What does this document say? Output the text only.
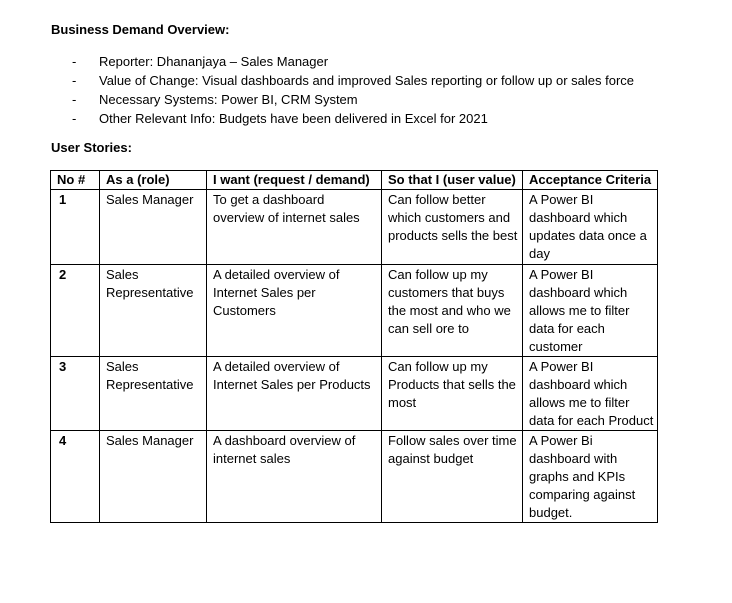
Business Demand Overview:
- Reporter: Dhananjaya – Sales Manager
- Value of Change: Visual dashboards and improved Sales reporting or follow up or sales force
- Necessary Systems: Power BI, CRM System
- Other Relevant Info: Budgets have been delivered in Excel for 2021
User Stories:
No #	As a (role)	I want (request / demand)	So that I (user value)	Acceptance Criteria
1	Sales Manager	To get a dashboard overview of internet sales	Can follow better which customers and products sells the best	A Power BI dashboard which updates data once a day
2	Sales Representative	A detailed overview of Internet Sales per Customers	Can follow up my customers that buys the most and who we can sell ore to	A Power BI dashboard which allows me to filter data for each customer
3	Sales Representative	A detailed overview of Internet Sales per Products	Can follow up my Products that sells the most	A Power BI dashboard which allows me to filter data for each Product
4	Sales Manager	A dashboard overview of internet sales	Follow sales over time against budget	A Power Bi dashboard with graphs and KPIs comparing against budget.
